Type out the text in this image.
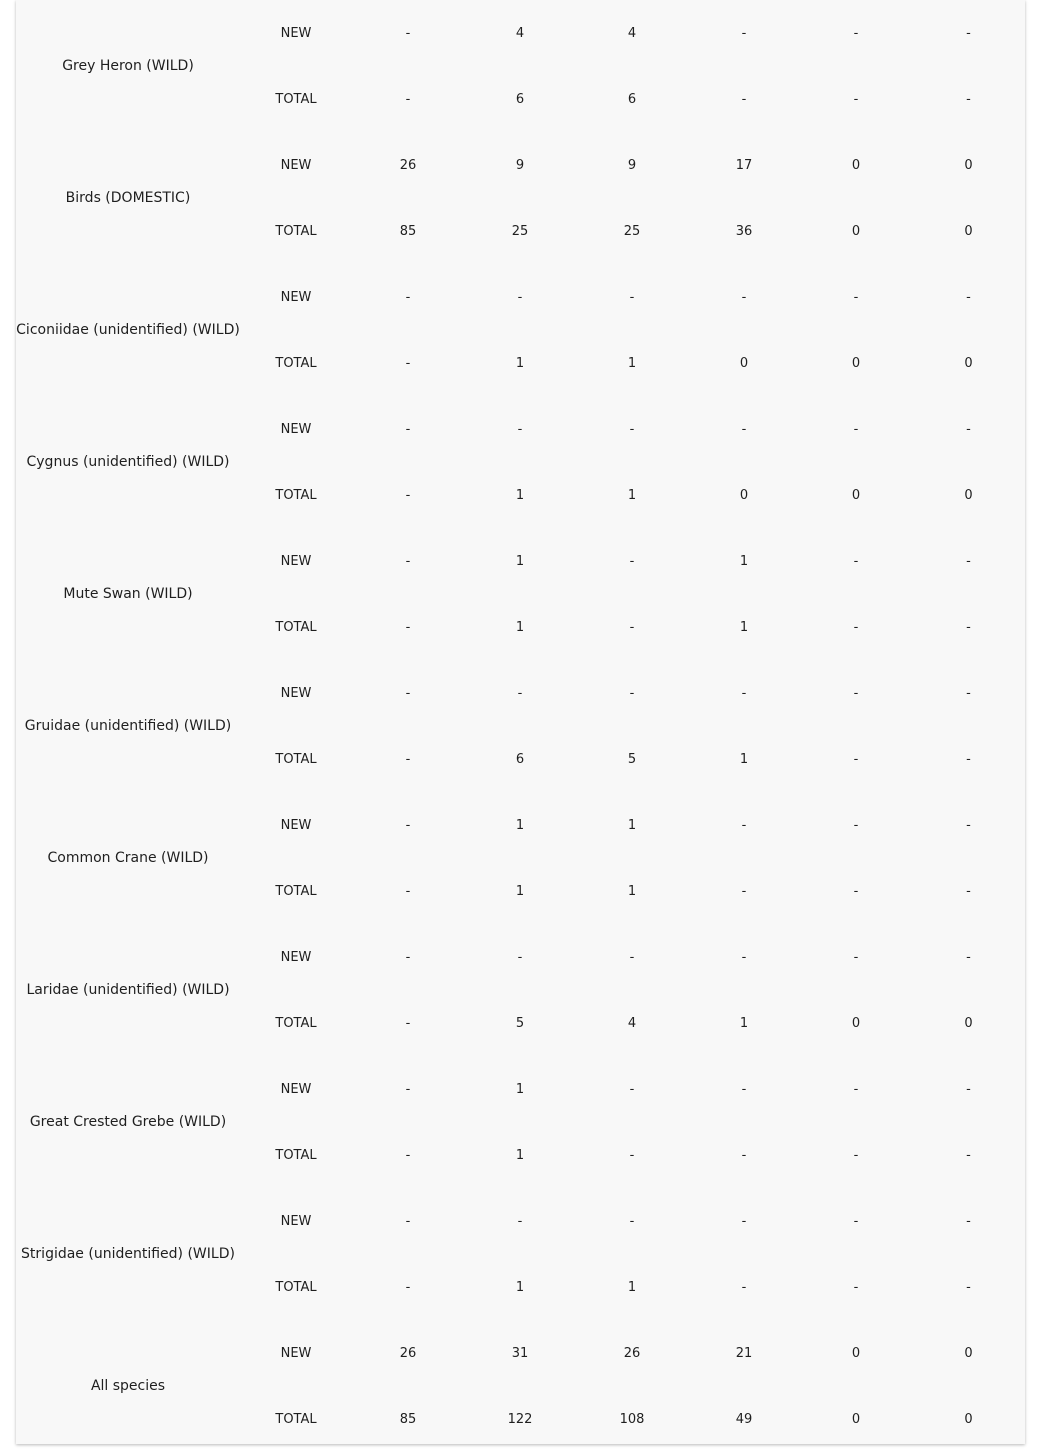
Grey Heron (WILD)	NEW	-	4	4	-	-	-
	TOTAL	-	6	6	-	-	-
Birds (DOMESTIC)	NEW	26	9	9	17	0	0
	TOTAL	85	25	25	36	0	0
Ciconiidae (unidentified) (WILD)	NEW	-	-	-	-	-	-
	TOTAL	-	1	1	0	0	0
Cygnus (unidentified) (WILD)	NEW	-	-	-	-	-	-
	TOTAL	-	1	1	0	0	0
Mute Swan (WILD)	NEW	-	1	-	1	-	-
	TOTAL	-	1	-	1	-	-
Gruidae (unidentified) (WILD)	NEW	-	-	-	-	-	-
	TOTAL	-	6	5	1	-	-
Common Crane (WILD)	NEW	-	1	1	-	-	-
	TOTAL	-	1	1	-	-	-
Laridae (unidentified) (WILD)	NEW	-	-	-	-	-	-
	TOTAL	-	5	4	1	0	0
Great Crested Grebe (WILD)	NEW	-	1	-	-	-	-
	TOTAL	-	1	-	-	-	-
Strigidae (unidentified) (WILD)	NEW	-	-	-	-	-	-
	TOTAL	-	1	1	-	-	-
All species	NEW	26	31	26	21	0	0
	TOTAL	85	122	108	49	0	0
